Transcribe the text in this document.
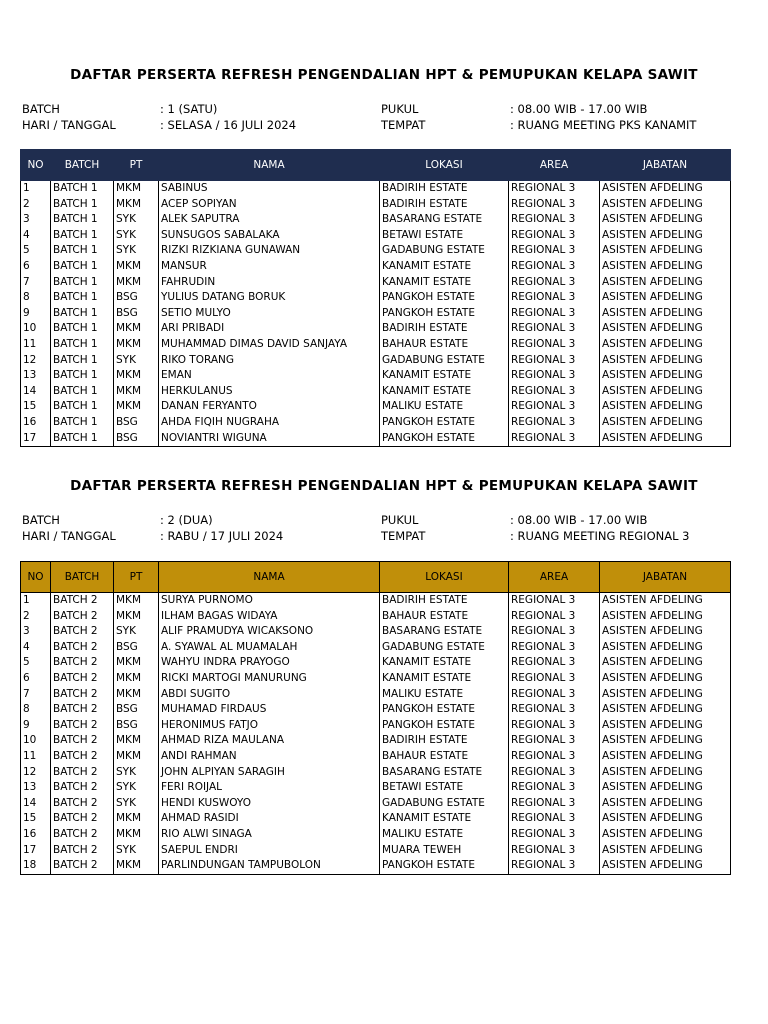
DAFTAR PERSERTA REFRESH PENGENDALIAN HPT & PEMUPUKAN KELAPA SAWIT
BATCH	: 1 (SATU)	PUKUL	: 08.00 WIB - 17.00 WIB
HARI / TANGGAL	: SELASA / 16 JULI 2024	TEMPAT	: RUANG MEETING PKS KANAMIT
NO	BATCH	PT	NAMA	LOKASI	AREA	JABATAN
1	BATCH 1	MKM	SABINUS	BADIRIH ESTATE	REGIONAL 3	ASISTEN AFDELING
2	BATCH 1	MKM	ACEP SOPIYAN	BADIRIH ESTATE	REGIONAL 3	ASISTEN AFDELING
3	BATCH 1	SYK	ALEK SAPUTRA	BASARANG ESTATE	REGIONAL 3	ASISTEN AFDELING
4	BATCH 1	SYK	SUNSUGOS SABALAKA	BETAWI ESTATE	REGIONAL 3	ASISTEN AFDELING
5	BATCH 1	SYK	RIZKI RIZKIANA GUNAWAN	GADABUNG ESTATE	REGIONAL 3	ASISTEN AFDELING
6	BATCH 1	MKM	MANSUR	KANAMIT ESTATE	REGIONAL 3	ASISTEN AFDELING
7	BATCH 1	MKM	FAHRUDIN	KANAMIT ESTATE	REGIONAL 3	ASISTEN AFDELING
8	BATCH 1	BSG	YULIUS DATANG BORUK	PANGKOH ESTATE	REGIONAL 3	ASISTEN AFDELING
9	BATCH 1	BSG	SETIO MULYO	PANGKOH ESTATE	REGIONAL 3	ASISTEN AFDELING
10	BATCH 1	MKM	ARI PRIBADI	BADIRIH ESTATE	REGIONAL 3	ASISTEN AFDELING
11	BATCH 1	MKM	MUHAMMAD DIMAS DAVID SANJAYA	BAHAUR ESTATE	REGIONAL 3	ASISTEN AFDELING
12	BATCH 1	SYK	RIKO TORANG	GADABUNG ESTATE	REGIONAL 3	ASISTEN AFDELING
13	BATCH 1	MKM	EMAN	KANAMIT ESTATE	REGIONAL 3	ASISTEN AFDELING
14	BATCH 1	MKM	HERKULANUS	KANAMIT ESTATE	REGIONAL 3	ASISTEN AFDELING
15	BATCH 1	MKM	DANAN FERYANTO	MALIKU ESTATE	REGIONAL 3	ASISTEN AFDELING
16	BATCH 1	BSG	AHDA FIQIH NUGRAHA	PANGKOH ESTATE	REGIONAL 3	ASISTEN AFDELING
17	BATCH 1	BSG	NOVIANTRI WIGUNA	PANGKOH ESTATE	REGIONAL 3	ASISTEN AFDELING
DAFTAR PERSERTA REFRESH PENGENDALIAN HPT & PEMUPUKAN KELAPA SAWIT
BATCH	: 2 (DUA)	PUKUL	: 08.00 WIB - 17.00 WIB
HARI / TANGGAL	: RABU / 17 JULI 2024	TEMPAT	: RUANG MEETING REGIONAL 3
NO	BATCH	PT	NAMA	LOKASI	AREA	JABATAN
1	BATCH 2	MKM	SURYA PURNOMO	BADIRIH ESTATE	REGIONAL 3	ASISTEN AFDELING
2	BATCH 2	MKM	ILHAM BAGAS WIDAYA	BAHAUR ESTATE	REGIONAL 3	ASISTEN AFDELING
3	BATCH 2	SYK	ALIF PRAMUDYA WICAKSONO	BASARANG ESTATE	REGIONAL 3	ASISTEN AFDELING
4	BATCH 2	BSG	A. SYAWAL AL MUAMALAH	GADABUNG ESTATE	REGIONAL 3	ASISTEN AFDELING
5	BATCH 2	MKM	WAHYU INDRA PRAYOGO	KANAMIT ESTATE	REGIONAL 3	ASISTEN AFDELING
6	BATCH 2	MKM	RICKI MARTOGI MANURUNG	KANAMIT ESTATE	REGIONAL 3	ASISTEN AFDELING
7	BATCH 2	MKM	ABDI SUGITO	MALIKU ESTATE	REGIONAL 3	ASISTEN AFDELING
8	BATCH 2	BSG	MUHAMAD FIRDAUS	PANGKOH ESTATE	REGIONAL 3	ASISTEN AFDELING
9	BATCH 2	BSG	HERONIMUS FATJO	PANGKOH ESTATE	REGIONAL 3	ASISTEN AFDELING
10	BATCH 2	MKM	AHMAD RIZA MAULANA	BADIRIH ESTATE	REGIONAL 3	ASISTEN AFDELING
11	BATCH 2	MKM	ANDI RAHMAN	BAHAUR ESTATE	REGIONAL 3	ASISTEN AFDELING
12	BATCH 2	SYK	JOHN ALPIYAN SARAGIH	BASARANG ESTATE	REGIONAL 3	ASISTEN AFDELING
13	BATCH 2	SYK	FERI ROIJAL	BETAWI ESTATE	REGIONAL 3	ASISTEN AFDELING
14	BATCH 2	SYK	HENDI KUSWOYO	GADABUNG ESTATE	REGIONAL 3	ASISTEN AFDELING
15	BATCH 2	MKM	AHMAD RASIDI	KANAMIT ESTATE	REGIONAL 3	ASISTEN AFDELING
16	BATCH 2	MKM	RIO ALWI SINAGA	MALIKU ESTATE	REGIONAL 3	ASISTEN AFDELING
17	BATCH 2	SYK	SAEPUL ENDRI	MUARA TEWEH	REGIONAL 3	ASISTEN AFDELING
18	BATCH 2	MKM	PARLINDUNGAN TAMPUBOLON	PANGKOH ESTATE	REGIONAL 3	ASISTEN AFDELING
